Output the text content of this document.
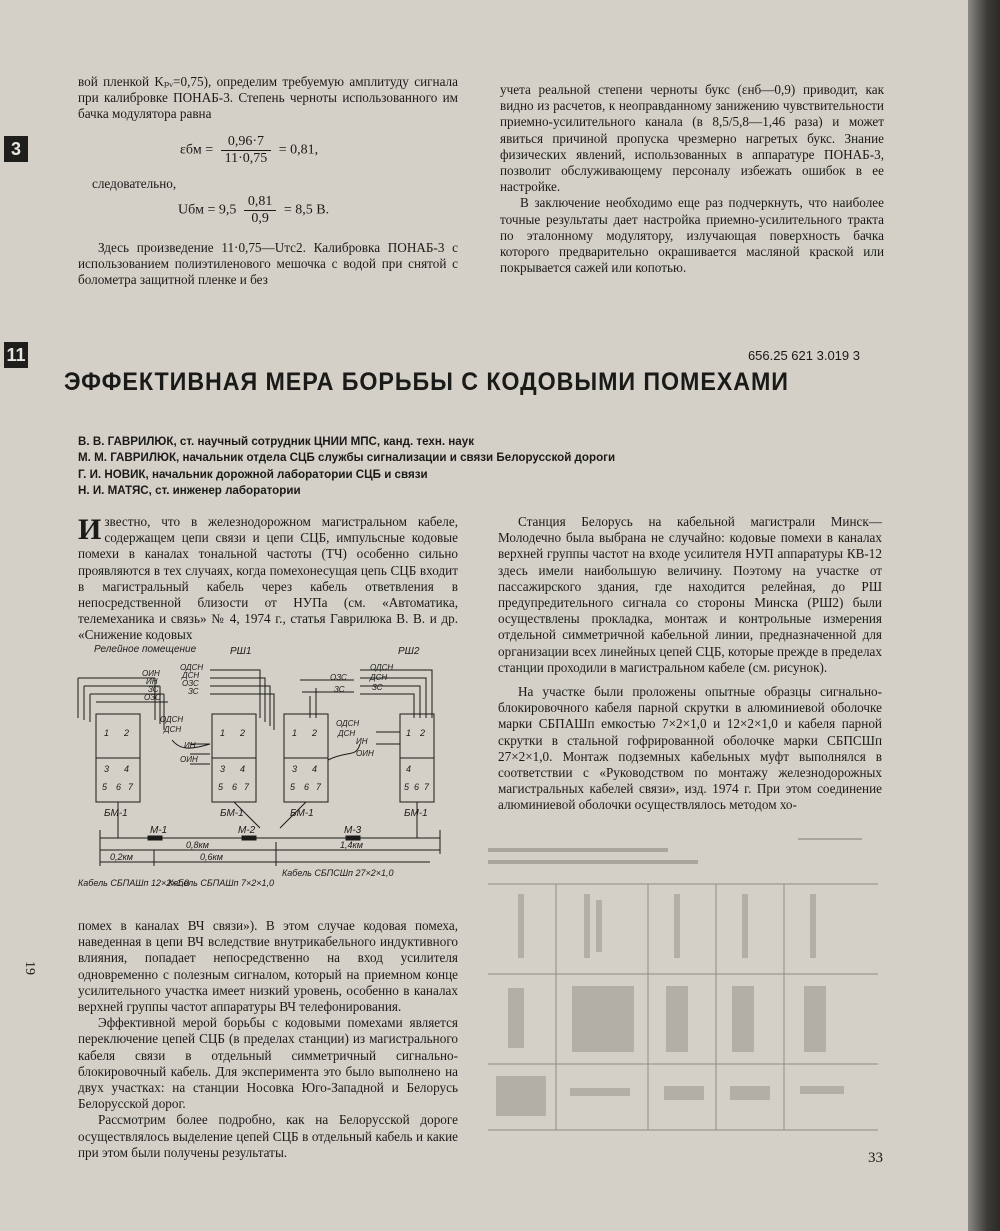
3
11

вой пленкой Kₚᵥ=0,75), определим требуемую амплитуду сигнала при калибровке ПОНАБ-3. Степень черноты использованного им бачка модулятора равна

$\varepsilon бм = \frac{0,96\cdot 7}{11\cdot 0,75} = 0,81$,
следовательно,
Uбм = $9,5 \frac{0,81}{0,9} = 8,5$ В.
Здесь произведение 11·0,75—Uтс2. Калибровка ПОНАБ-3 с использованием полиэтиленового мешочка с водой при снятой с болометра защитной пленке и без

учета реальной степени черноты букс (εнб—0,9) приводит, как видно из расчетов, к неоправданному занижению чувствительности приемно-усилительного канала (в 8,5/5,8—1,46 раза) и может явиться причиной пропуска чрезмерно нагретых букс. Знание физических явлений, использованных в аппаратуре ПОНАБ-3, позволит обслуживающему персоналу избежать ошибок в ее настройке.

В заключение необходимо еще раз подчеркнуть, что наиболее точные результаты дает настройка приемно-усилительного тракта по эталонному модулятору, излучающая поверхность бачка которого предварительно окрашивается масляной краской или покрывается сажей или копотью.

656.25 621 3.019 3
ЭФФЕКТИВНАЯ МЕРА БОРЬБЫ С КОДОВЫМИ ПОМЕХАМИ
В. В. ГАВРИЛЮК, ст. научный сотрудник ЦНИИ МПС, канд. техн. наук
М. М. ГАВРИЛЮК, начальник отдела СЦБ службы сигнализации и связи Белорусской дороги
Г. И. НОВИК, начальник дорожной лаборатории СЦБ и связи
Н. И. МАТЯС, ст. инженер лаборатории
Известно, что в железнодорожном магистральном кабеле, содержащем цепи связи и цепи СЦБ, импульсные кодовые помехи в каналах тональной частоты (ТЧ) особенно сильно проявляются в тех случаях, когда помехонесущая цепь СЦБ входит в магистральный кабель через кабель ответвления в непосредственной близости от НУПа (см. «Автоматика, телемеханика и связь» № 4, 1974 г., статья Гаврилюка В. В. и др. «Снижение кодовых
Релейное помещение	РШ1	РШ2
ОИН
ИН
ЗС
ОЗС
ОДСН
ДСН
ОЗС
ЗС
ОДСН
ДСН
ИН
ОИН
ОЗС
ЗС
ОДСН
ДСН
ЗС
ОДСН
ДСН
ИН
ОИН
1 2
3 4
5 6 7
1 2
3 4
5 6 7
1 2
3 4
5 6 7
1 2
4
5 6 7
БМ-1	БМ-1	БМ-1	БМ-1
М-1	М-2	М-3
0,8км	1,4км
0,2км	0,6км
Кабель СБПСШп 27×2×1,0
Кабель СБПАШп 12×2×1,0
Кабель СБПАШп 7×2×1,0

помех в каналах ВЧ связи»). В этом случае кодовая помеха, наведенная в цепи ВЧ вследствие внутрикабельного индуктивного влияния, попадает непосредственно на вход усилителя одновременно с полезным сигналом, который на приемном конце усилительного участка имеет низкий уровень, особенно в каналах верхней группы частот аппаратуры ВЧ телефонирования.

Эффективной мерой борьбы с кодовыми помехами является переключение цепей СЦБ (в пределах станции) из магистрального кабеля связи в отдельный симметричный сигнально-блокировочный кабель. Для эксперимента это было выполнено на двух участках: на станции Носовка Юго-Западной и Белорусь Белорусской дорог.

Рассмотрим более подробно, как на Белорусской дороге осуществлялось выделение цепей СЦБ в отдельный кабель и какие при этом были получены результаты.

Станция Белорусь на кабельной магистрали Минск—Молодечно была выбрана не случайно: кодовые помехи в каналах верхней группы частот на входе усилителя НУП аппаратуры КВ-12 здесь имели наибольшую величину. Поэтому на участке от пассажирского здания, где находится релейная, до РШ предупредительного сигнала со стороны Минска (РШ2) были осуществлены прокладка, монтаж и контрольные измерения отдельной симметричной кабельной линии, предназначенной для организации всех линейных цепей СЦБ, которые прежде в пределах станции проходили в магистральном кабеле (см. рисунок).

На участке были проложены опытные образцы сигнально-блокировочного кабеля парной скрутки в алюминиевой оболочке марки СБПАШп емкостью 7×2×1,0 и 12×2×1,0 и кабеля парной скрутки в стальной гофрированной оболочке марки СБПСШп 27×2×1,0. Монтаж подземных кабельных муфт выполнялся в соответствии с «Руководством по монтажу железнодорожных магистральных кабелей связи», изд. 1974 г. При этом соединение алюминиевой оболочки осуществлялось методом хо-

19
33
